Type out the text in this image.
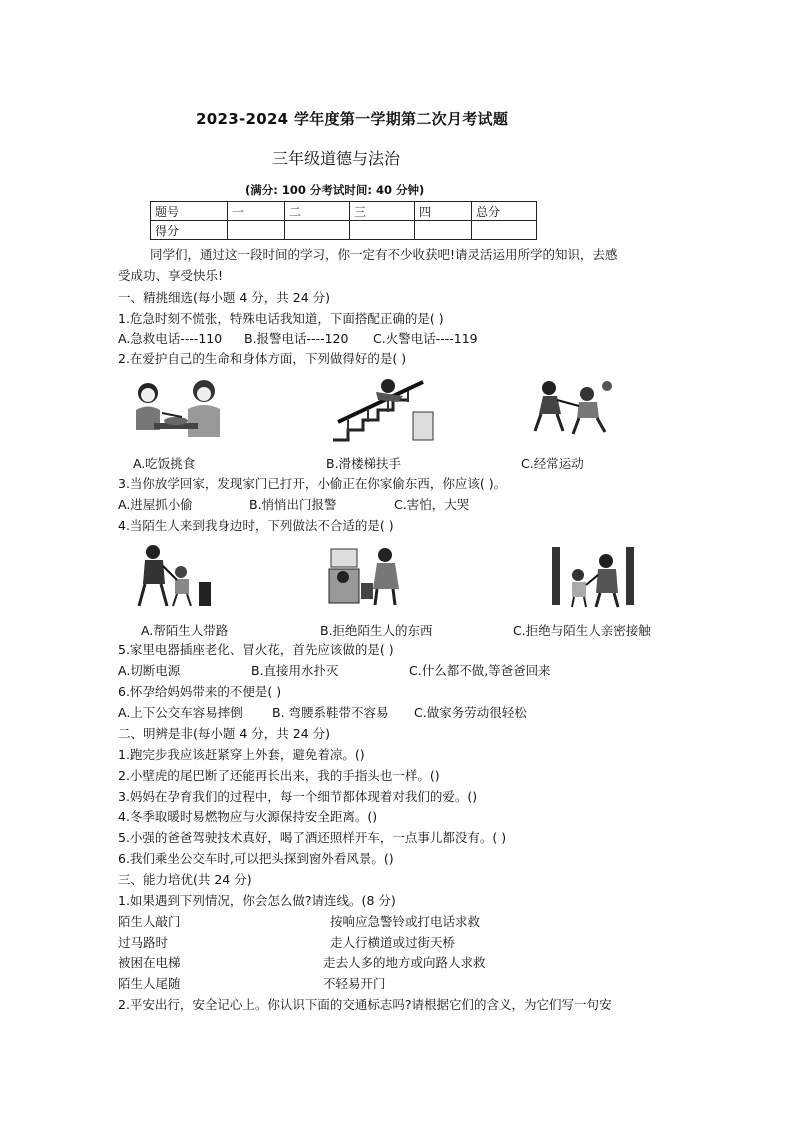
2023-2024 学年度第一学期第二次月考试题
三年级道德与法治
(满分: 100 分考试时间: 40 分钟)
题号	一	二	三	四	总分
得分					
同学们，通过这一段时间的学习，你一定有不少收获吧!请灵活运用所学的知识，去感
受成功、享受快乐!
一、精挑细选(每小题 4 分，共 24 分)
1.危急时刻不慌张，特殊电话我知道，下面搭配正确的是( )
A.急救电话----110 B.报警电话----120 C.火警电话----119
2.在爱护自己的生命和身体方面，下列做得好的是( )
A.吃饭挑食	B.滑楼梯扶手	C.经常运动
3.当你放学回家，发现家门已打开，小偷正在你家偷东西，你应该( )。
A.进屋抓小偷	B.悄悄出门报警	C.害怕，大哭
4.当陌生人来到我身边时，下列做法不合适的是( )
A.帮陌生人带路	B.拒绝陌生人的东西	C.拒绝与陌生人亲密接触
5.家里电器插座老化、冒火花，首先应该做的是( )
A.切断电源	B.直接用水扑灭	C.什么都不做,等爸爸回来
6.怀孕给妈妈带来的不便是( )
A.上下公交车容易摔倒 B. 弯腰系鞋带不容易 C.做家务劳动很轻松
二、明辨是非(每小题 4 分，共 24 分)
1.跑完步我应该赶紧穿上外套，避免着凉。()
2.小壁虎的尾巴断了还能再长出来，我的手指头也一样。()
3.妈妈在孕育我们的过程中，每一个细节都体现着对我们的爱。()
4.冬季取暖时易燃物应与火源保持安全距离。()
5.小强的爸爸驾驶技术真好，喝了酒还照样开车，一点事儿都没有。( )
6.我们乘坐公交车时,可以把头探到窗外看风景。()
三、能力培优(共 24 分)
1.如果遇到下列情况，你会怎么做?请连线。(8 分)
陌生人敲门
过马路时
被困在电梯
陌生人尾随
按响应急警铃或打电话求救
走人行横道或过街天桥
走去人多的地方或向路人求救
不轻易开门
2.平安出行，安全记心上。你认识下面的交通标志吗?请根据它们的含义，为它们写一句安
